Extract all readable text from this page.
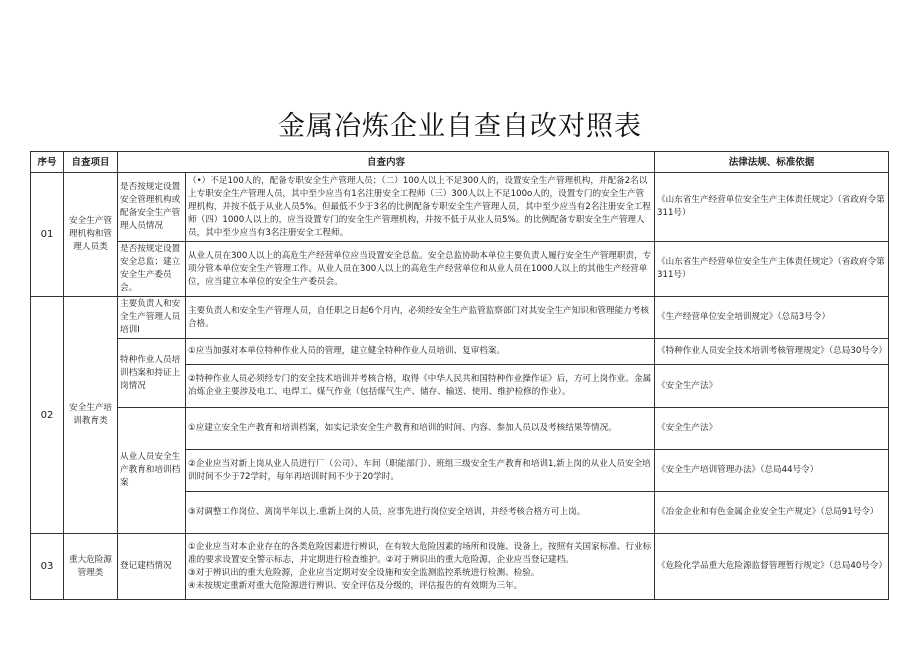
金属冶炼企业自查自改对照表
序号	自查项目	自查内容		法律法规、标准依据
01	安全生产管理机构和管理人员类	是否按规定设置安全管理机构或配备安全生产管理人员情况	（•）不足100人的，配备专职安全生产管理人员；（二）100人以上不足300人的，设置安全生产管理机构，并配备2名以上专职安全生产管理人员，其中至少应当有1名注册安全工程师（三）300人以上不足100o人的，设置专门的安全生产管理机构，并按不低于从业人员5%。但最低不少于3名的比例配备专职安全生产管理人员，其中至少应当有2名注册安全工程师（四）1000人以上的，应当设置专门的安全生产管理机构，并按不低于从业人员5%。的比例配备专职安全生产管理人员，其中至少应当有3名注册安全工程师。	《山东省生产经营单位安全生产主体责任规定》（省政府令第311号）
		是否按规定设置安全总监；建立安全生产委员会。	从业人员在300人以上的高危生产经营单位应当设置安全总监。安全总监协助本单位主要负责人履行安全生产管理职责，专项分管本单位安全生产管理工作。从业人员在300人以上的高危生产经营单位和从业人员在1000人以上的其他生产经营单位，应当建立本单位的安全生产委员会。	《山东省生产经营单位安全生产主体责任规定》（省政府令第311号）
02	安全生产培训教育类	主要负责人和安全生产管理人员培训I	主要负责人和安全生产管理人员，自任职之日起6个月内，必须经安全生产监管监察部门对其安全生产知识和管理能力考核合格。	《生产经营单位安全培训规定》（总局3号令）
		特种作业人员培训档案和持证上岗情况	①应当加强对本单位特种作业人员的管理，建立健全特种作业人员培训、复审档案。	《特种作业人员安全技术培训考核管理规定》（总局30号令）
			②特种作业人员必须经专门的安全技术培训并考核合格，取得《中华人民共和国特种作业操作证》后，方可上岗作业。金属冶炼企业主要涉及电工、电焊工、煤气作业（包括煤气生产、储存、输送、使用、维护检修的作业）。	《安全生产法》
		从业人员安全生产教育和培训档案	①应建立安全生产教育和培训档案，如实记录安全生产教育和培训的时间、内容、参加人员以及考核结果等情况。	《安全生产法》
			②企业应当对新上岗从业人员进行厂（公司）、车间（职能部门）、班组三级安全生产教育和培训1,新上岗的从业人员安全培训时间不少于72学时，每年再培训时间不少于20学时。	《安全生产培训管理办法》（总局44号令）
			③对调整工作岗位、离岗半年以上.重新上岗的人员，应事先进行岗位安全培训，并经考核合格方可上岗。	《冶金企业和有色金属企业安全生产规定》（总局91号令）
03	重大危险源管理类	登记建档情况	①企业应当对本企业存在的各类危险因素进行辨识，在有较大危险因素的场所和设施、设备上，按照有关国家标准、行业标准的要求设置安全警示标志，并定期进行检查维护。②对于辨识出的重大危险源，企业应当登记建档。
③对于辨识出的重大危险源，企业应当定期对安全设施和安全监测监控系统进行检测、检验。
④未按规定重新对重大危险源进行辨识、安全评估及分级的，评估报告的有效期为三年。	《危险化学品重大危险源监督管理暂行规定》（总局40号令）
